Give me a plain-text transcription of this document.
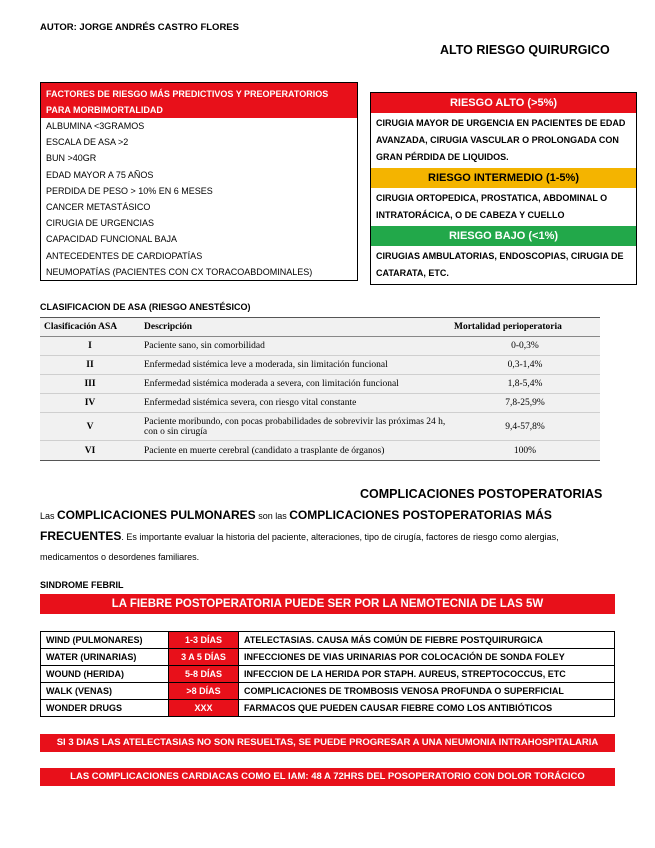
AUTOR: JORGE ANDRÉS CASTRO FLORES
ALTO RIESGO QUIRURGICO
FACTORES DE RIESGO MÁS PREDICTIVOS Y PREOPERATORIOS PARA MORBIMORTALIDAD
ALBUMINA <3GRAMOS
ESCALA DE ASA >2
BUN >40GR
EDAD MAYOR A 75 AÑOS
PERDIDA DE PESO > 10% EN 6 MESES
CANCER METASTÁSICO
CIRUGIA DE URGENCIAS
CAPACIDAD FUNCIONAL BAJA
ANTECEDENTES DE CARDIOPATÍAS
NEUMOPATÍAS (PACIENTES CON CX TORACOABDOMINALES)
RIESGO ALTO (>5%)
CIRUGIA MAYOR DE URGENCIA EN PACIENTES DE EDAD AVANZADA, CIRUGIA VASCULAR O PROLONGADA CON GRAN PÉRDIDA DE LIQUIDOS.
RIESGO INTERMEDIO (1-5%)
CIRUGIA ORTOPEDICA, PROSTATICA, ABDOMINAL O INTRATORÁCICA, O DE CABEZA Y CUELLO
RIESGO BAJO (<1%)
CIRUGIAS AMBULATORIAS, ENDOSCOPIAS, CIRUGIA DE CATARATA, ETC.
CLASIFICACION DE ASA (RIESGO ANESTÉSICO)
Clasificación ASA	Descripción	Mortalidad perioperatoria
I	Paciente sano, sin comorbilidad	0-0,3%
II	Enfermedad sistémica leve a moderada, sin limitación funcional	0,3-1,4%
III	Enfermedad sistémica moderada a severa, con limitación funcional	1,8-5,4%
IV	Enfermedad sistémica severa, con riesgo vital constante	7,8-25,9%
V	Paciente moribundo, con pocas probabilidades de sobrevivir las próximas 24 h, con o sin cirugía	9,4-57,8%
VI	Paciente en muerte cerebral (candidato a trasplante de órganos)	100%
COMPLICACIONES POSTOPERATORIAS
Las COMPLICACIONES PULMONARES son las COMPLICACIONES POSTOPERATORIAS MÁS FRECUENTES. Es importante evaluar la historia del paciente, alteraciones, tipo de cirugía, factores de riesgo como alergias, medicamentos o desordenes familiares.
SINDROME FEBRIL
LA FIEBRE POSTOPERATORIA PUEDE SER POR LA NEMOTECNIA DE LAS 5W
WIND (PULMONARES)	1-3 DÍAS	ATELECTASIAS. CAUSA MÁS COMÚN DE FIEBRE POSTQUIRURGICA
WATER (URINARIAS)	3 A 5 DÍAS	INFECCIONES DE VIAS URINARIAS POR COLOCACIÓN DE SONDA FOLEY
WOUND (HERIDA)	5-8 DÍAS	INFECCION DE LA HERIDA POR STAPH. AUREUS, STREPTOCOCCUS, ETC
WALK (VENAS)	>8 DÍAS	COMPLICACIONES DE TROMBOSIS VENOSA PROFUNDA O SUPERFICIAL
WONDER DRUGS	XXX	FARMACOS QUE PUEDEN CAUSAR FIEBRE COMO LOS ANTIBIÓTICOS
SI 3 DIAS LAS ATELECTASIAS NO SON RESUELTAS, SE PUEDE PROGRESAR A UNA NEUMONIA INTRAHOSPITALARIA
LAS COMPLICACIONES CARDIACAS COMO EL IAM: 48 A 72HRS DEL POSOPERATORIO CON DOLOR TORÁCICO
